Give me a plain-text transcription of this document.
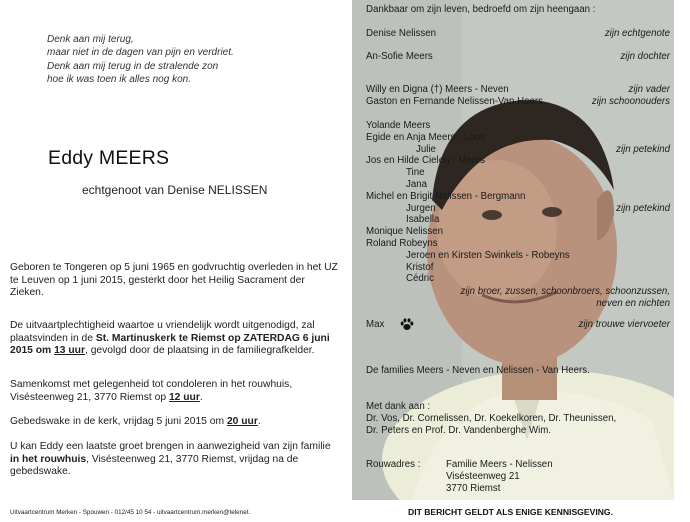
Denk aan mij terug,
maar niet in de dagen van pijn en verdriet.
Denk aan mij terug in de stralende zon
hoe ik was toen ik alles nog kon.
Eddy MEERS
echtgenoot van Denise NELISSEN

Geboren te Tongeren op 5 juni 1965 en godvruchtig overleden in het UZ te Leuven op 1 juni 2015, gesterkt door het Heilig Sacrament der Zieken.

De uitvaartplechtigheid waartoe u vriendelijk wordt uitgenodigd, zal plaatsvinden in de St. Martinuskerk te Riemst op ZATERDAG 6 juni 2015 om 13 uur, gevolgd door de plaatsing in de familiegrafkelder.

Samenkomst met gelegenheid tot condoleren in het rouwhuis, Visésteenweg 21, 3770 Riemst op 12 uur.

Gebedswake in de kerk, vrijdag 5 juni 2015 om 20 uur.

U kan Eddy een laatste groet brengen in aanwezigheid van zijn familie in het rouwhuis, Visésteenweg 21, 3770 Riemst, vrijdag na de gebedswake.

Uitvaartcentrum Merken - Spouwen - 012/45 10 54 - uitvaartcentrum.merken@telenet.
Dankbaar om zijn leven, bedroefd om zijn heengaan :
Denise Nelissen	zijn echtgenote
An-Sofie Meers	zijn dochter
Willy en Digna (†) Meers - Neven	zijn vader
Gaston en Fernande Nelissen-Van Heers	zijn schoonouders
Yolande Meers
Egide en Anja Meers - Loos
Julie	zijn petekind
Jos en Hilde Cielen - Meers
Tine
Jana
Michel en Brigit Nelissen - Bergmann
Jurgen	zijn petekind
Isabella
Monique Nelissen
Roland Robeyns
Jeroen en Kirsten Swinkels - Robeyns
Kristof
Cédric
zijn broer, zussen, schoonbroers, schoonzussen,
neven en nichten
Max	zijn trouwe viervoeter
De families Meers - Neven en Nelissen - Van Heers.
Met dank aan :
Dr. Vos, Dr. Cornelissen, Dr. Koekelkoren, Dr. Theunissen,
Dr. Peters en Prof. Dr. Vandenberghe Wim.
Rouwadres :	Familie Meers - Nelissen
Visésteenweg 21
3770 Riemst
DIT BERICHT GELDT ALS ENIGE KENNISGEVING.
